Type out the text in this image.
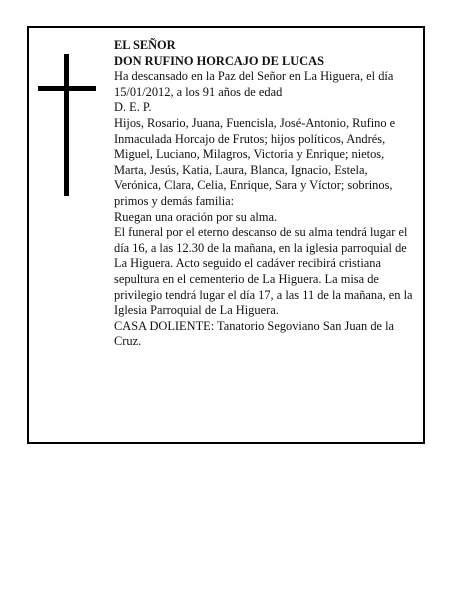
EL SEÑOR

DON RUFINO HORCAJO DE LUCAS

Ha descansado en la Paz del Señor en La Higuera, el día 15/01/2012, a los 91 años de edad

D. E. P.

Hijos, Rosario, Juana, Fuencisla, José-Antonio, Rufino e Inmaculada Horcajo de Frutos; hijos políticos, Andrés, Miguel, Luciano, Milagros, Victoria y Enrique; nietos, Marta, Jesús, Katia, Laura, Blanca, Ignacio, Estela, Verónica, Clara, Celia, Enrique, Sara y Víctor; sobrinos, primos y demás familia:

Ruegan una oración por su alma.

El funeral por el eterno descanso de su alma tendrá lugar el día 16, a las 12.30 de la mañana, en la iglesia parroquial de La Higuera. Acto seguido el cadáver recibirá cristiana sepultura en el cementerio de La Higuera. La misa de privilegio tendrá lugar el día 17, a las 11 de la mañana, en la Iglesia Parroquial de La Higuera.

CASA DOLIENTE: Tanatorio Segoviano San Juan de la Cruz.
